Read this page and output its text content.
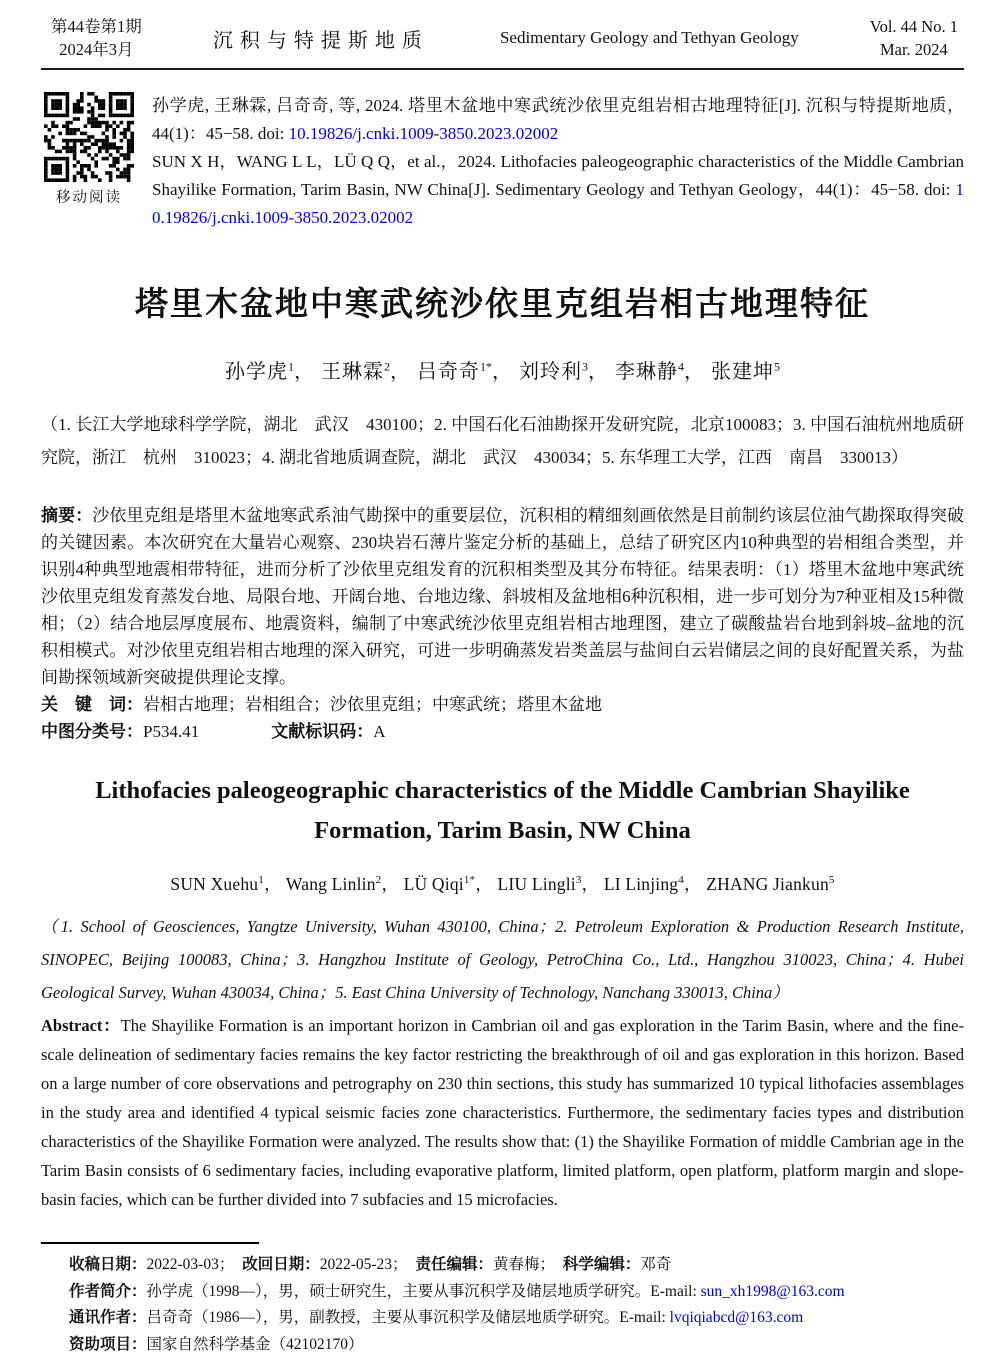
第44卷第1期
2024年3月	沉积与特提斯地质	Sedimentary Geology and Tethyan Geology
Vol. 44 No. 1
Mar. 2024
移动阅读

孙学虎, 王琳霖, 吕奇奇, 等, 2024. 塔里木盆地中寒武统沙依里克组岩相古地理特征[J]. 沉积与特提斯地质，44(1)：45−58. doi: 10.19826/j.cnki.1009-3850.2023.02002

SUN X H，WANG L L，LÜ Q Q，et al.，2024. Lithofacies paleogeographic characteristics of the Middle Cambrian Shayilike Formation, Tarim Basin, NW China[J]. Sedimentary Geology and Tethyan Geology，44(1)：45−58. doi: 10.19826/j.cnki.1009-3850.2023.02002

塔里木盆地中寒武统沙依里克组岩相古地理特征
孙学虎$^1$， 王琳霖$^2$， 吕奇奇$^{1*}$， 刘玲利$^3$， 李琳静$^4$， 张建坤$^5$

（1. 长江大学地球科学学院，湖北　武汉　430100；2. 中国石化石油勘探开发研究院，北京100083；3. 中国石油杭州地质研究院，浙江　杭州　310023；4. 湖北省地质调查院，湖北　武汉　430034；5. 东华理工大学，江西　南昌　330013）

摘要：沙依里克组是塔里木盆地寒武系油气勘探中的重要层位，沉积相的精细刻画依然是目前制约该层位油气勘探取得突破的关键因素。本次研究在大量岩心观察、230块岩石薄片鉴定分析的基础上，总结了研究区内10种典型的岩相组合类型，并识别4种典型地震相带特征，进而分析了沙依里克组发育的沉积相类型及其分布特征。结果表明：（1）塔里木盆地中寒武统沙依里克组发育蒸发台地、局限台地、开阔台地、台地边缘、斜坡相及盆地相6种沉积相，进一步可划分为7种亚相及15种微相；（2）结合地层厚度展布、地震资料，编制了中寒武统沙依里克组岩相古地理图，建立了碳酸盐岩台地到斜坡–盆地的沉积相模式。对沙依里克组岩相古地理的深入研究，可进一步明确蒸发岩类盖层与盐间白云岩储层之间的良好配置关系，为盐间勘探领域新突破提供理论支撑。

关　键　词：岩相古地理；岩相组合；沙依里克组；中寒武统；塔里木盆地

中图分类号：P534.41	文献标识码：A

Lithofacies paleogeographic characteristics of the Middle Cambrian Shayilike
Formation, Tarim Basin, NW China
SUN Xuehu$^1$， Wang Linlin$^2$， LÜ Qiqi$^{1*}$， LIU Lingli$^3$， LI Linjing$^4$， ZHANG Jiankun$^5$

（1. School of Geosciences, Yangtze University, Wuhan 430100, China；2. Petroleum Exploration & Production Research Institute, SINOPEC, Beijing 100083, China；3. Hangzhou Institute of Geology, PetroChina Co., Ltd., Hangzhou 310023, China；4. Hubei Geological Survey, Wuhan 430034, China；5. East China University of Technology, Nanchang 330013, China）

Abstract：The Shayilike Formation is an important horizon in Cambrian oil and gas exploration in the Tarim Basin, where and the fine-scale delineation of sedimentary facies remains the key factor restricting the breakthrough of oil and gas exploration in this horizon. Based on a large number of core observations and petrography on 230 thin sections, this study has summarized 10 typical lithofacies assemblages in the study area and identified 4 typical seismic facies zone characteristics. Furthermore, the sedimentary facies types and distribution characteristics of the Shayilike Formation were analyzed. The results show that: (1) the Shayilike Formation of middle Cambrian age in the Tarim Basin consists of 6 sedimentary facies, including evaporative platform, limited platform, open platform, platform margin and slope-basin facies, which can be further divided into 7 subfacies and 15 microfacies.

收稿日期：2022-03-03； 改回日期：2022-05-23； 责任编辑：黄春梅； 科学编辑：邓奇

作者简介：孙学虎（1998—），男，硕士研究生，主要从事沉积学及储层地质学研究。E-mail: sun_xh1998@163.com

通讯作者：吕奇奇（1986—），男，副教授，主要从事沉积学及储层地质学研究。E-mail: lvqiqiabcd@163.com

资助项目：国家自然科学基金（42102170）
